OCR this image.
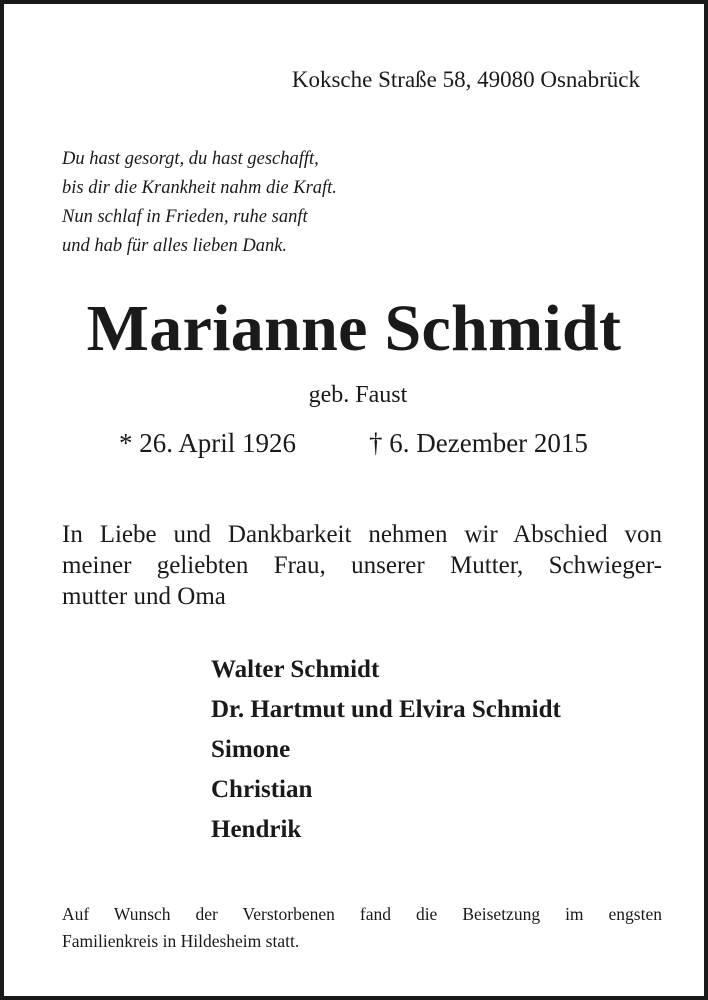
Koksche Straße 58, 49080 Osnabrück
Du hast gesorgt, du hast geschafft,
bis dir die Krankheit nahm die Kraft.
Nun schlaf in Frieden, ruhe sanft
und hab für alles lieben Dank.
Marianne Schmidt
geb. Faust
* 26. April 1926	† 6. Dezember 2015
In Liebe und Dankbarkeit nehmen wir Abschied von
meiner geliebten Frau, unserer Mutter, Schwieger-
mutter und Oma
Walter Schmidt
Dr. Hartmut und Elvira Schmidt
Simone
Christian
Hendrik
Auf Wunsch der Verstorbenen fand die Beisetzung im engsten
Familienkreis in Hildesheim statt.
